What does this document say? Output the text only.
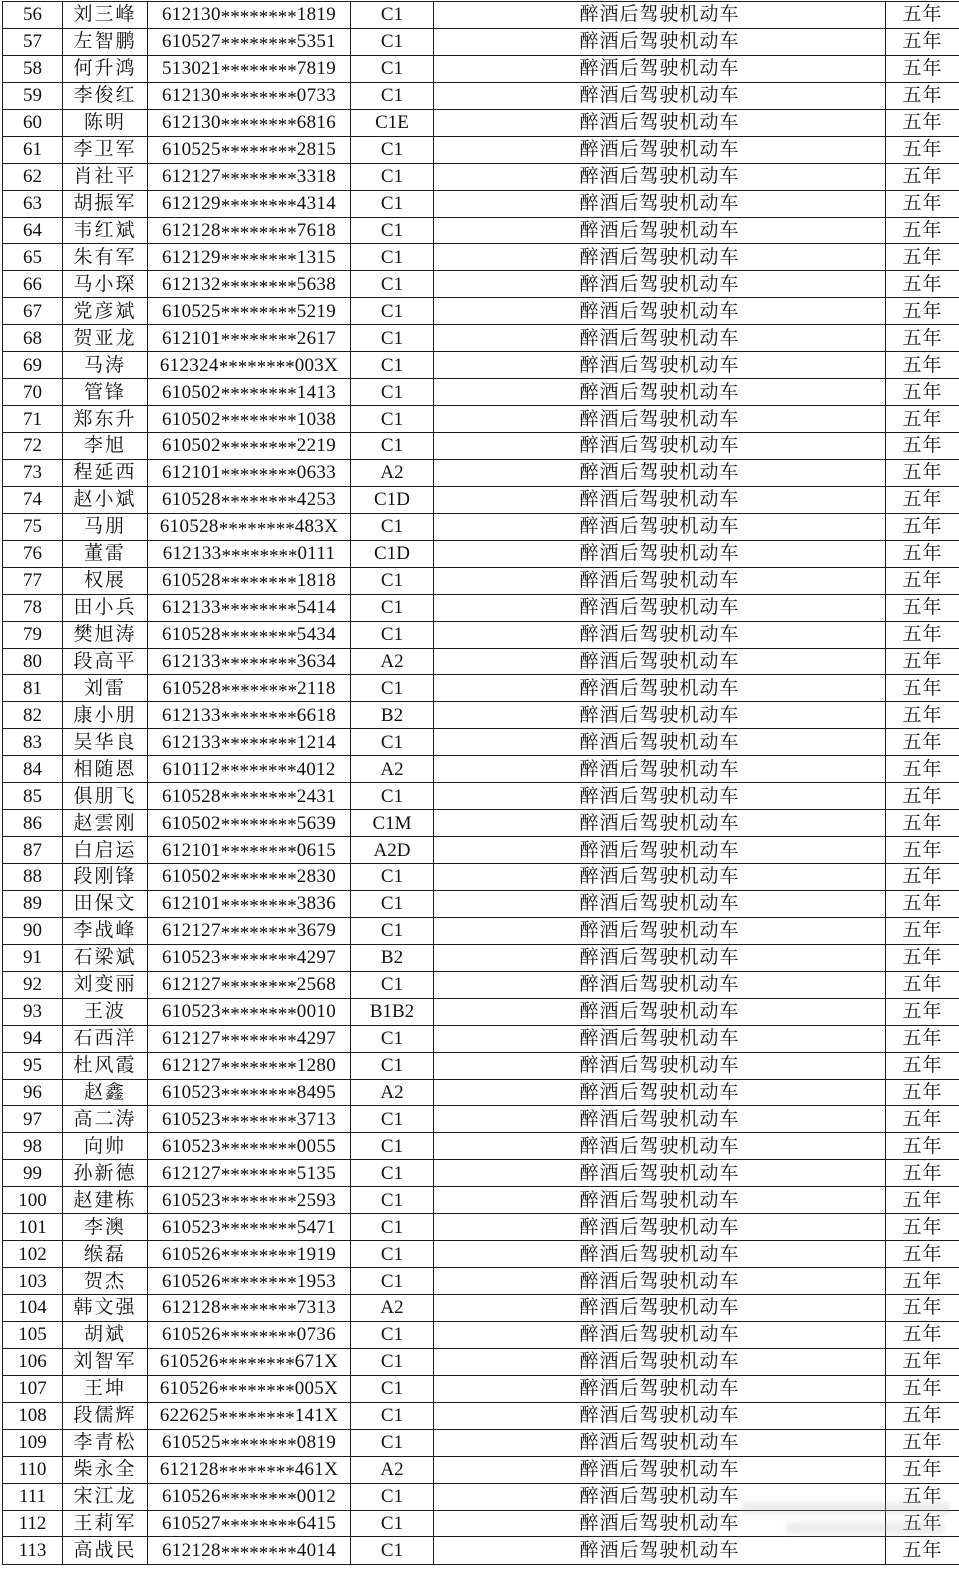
56	刘三峰	612130********1819	C1	醉酒后驾驶机动车	五年
57	左智鹏	610527********5351	C1	醉酒后驾驶机动车	五年
58	何升鸿	513021********7819	C1	醉酒后驾驶机动车	五年
59	李俊红	612130********0733	C1	醉酒后驾驶机动车	五年
60	陈明	612130********6816	C1E	醉酒后驾驶机动车	五年
61	李卫军	610525********2815	C1	醉酒后驾驶机动车	五年
62	肖社平	612127********3318	C1	醉酒后驾驶机动车	五年
63	胡振军	612129********4314	C1	醉酒后驾驶机动车	五年
64	韦红斌	612128********7618	C1	醉酒后驾驶机动车	五年
65	朱有军	612129********1315	C1	醉酒后驾驶机动车	五年
66	马小琛	612132********5638	C1	醉酒后驾驶机动车	五年
67	党彦斌	610525********5219	C1	醉酒后驾驶机动车	五年
68	贺亚龙	612101********2617	C1	醉酒后驾驶机动车	五年
69	马涛	612324********003X	C1	醉酒后驾驶机动车	五年
70	管锋	610502********1413	C1	醉酒后驾驶机动车	五年
71	郑东升	610502********1038	C1	醉酒后驾驶机动车	五年
72	李旭	610502********2219	C1	醉酒后驾驶机动车	五年
73	程延西	612101********0633	A2	醉酒后驾驶机动车	五年
74	赵小斌	610528********4253	C1D	醉酒后驾驶机动车	五年
75	马朋	610528********483X	C1	醉酒后驾驶机动车	五年
76	董雷	612133********0111	C1D	醉酒后驾驶机动车	五年
77	权展	610528********1818	C1	醉酒后驾驶机动车	五年
78	田小兵	612133********5414	C1	醉酒后驾驶机动车	五年
79	樊旭涛	610528********5434	C1	醉酒后驾驶机动车	五年
80	段高平	612133********3634	A2	醉酒后驾驶机动车	五年
81	刘雷	610528********2118	C1	醉酒后驾驶机动车	五年
82	康小朋	612133********6618	B2	醉酒后驾驶机动车	五年
83	吴华良	612133********1214	C1	醉酒后驾驶机动车	五年
84	相随恩	610112********4012	A2	醉酒后驾驶机动车	五年
85	俱朋飞	610528********2431	C1	醉酒后驾驶机动车	五年
86	赵雲刚	610502********5639	C1M	醉酒后驾驶机动车	五年
87	白启运	612101********0615	A2D	醉酒后驾驶机动车	五年
88	段刚锋	610502********2830	C1	醉酒后驾驶机动车	五年
89	田保文	612101********3836	C1	醉酒后驾驶机动车	五年
90	李战峰	612127********3679	C1	醉酒后驾驶机动车	五年
91	石梁斌	610523********4297	B2	醉酒后驾驶机动车	五年
92	刘变丽	612127********2568	C1	醉酒后驾驶机动车	五年
93	王波	610523********0010	B1B2	醉酒后驾驶机动车	五年
94	石西洋	612127********4297	C1	醉酒后驾驶机动车	五年
95	杜风霞	612127********1280	C1	醉酒后驾驶机动车	五年
96	赵鑫	610523********8495	A2	醉酒后驾驶机动车	五年
97	高二涛	610523********3713	C1	醉酒后驾驶机动车	五年
98	向帅	610523********0055	C1	醉酒后驾驶机动车	五年
99	孙新德	612127********5135	C1	醉酒后驾驶机动车	五年
100	赵建栋	610523********2593	C1	醉酒后驾驶机动车	五年
101	李澳	610523********5471	C1	醉酒后驾驶机动车	五年
102	缑磊	610526********1919	C1	醉酒后驾驶机动车	五年
103	贺杰	610526********1953	C1	醉酒后驾驶机动车	五年
104	韩文强	612128********7313	A2	醉酒后驾驶机动车	五年
105	胡斌	610526********0736	C1	醉酒后驾驶机动车	五年
106	刘智军	610526********671X	C1	醉酒后驾驶机动车	五年
107	王坤	610526********005X	C1	醉酒后驾驶机动车	五年
108	段儒辉	622625********141X	C1	醉酒后驾驶机动车	五年
109	李青松	610525********0819	C1	醉酒后驾驶机动车	五年
110	柴永全	612128********461X	A2	醉酒后驾驶机动车	五年
111	宋江龙	610526********0012	C1	醉酒后驾驶机动车	五年
112	王莉军	610527********6415	C1	醉酒后驾驶机动车	五年
113	高战民	612128********4014	C1	醉酒后驾驶机动车	五年
